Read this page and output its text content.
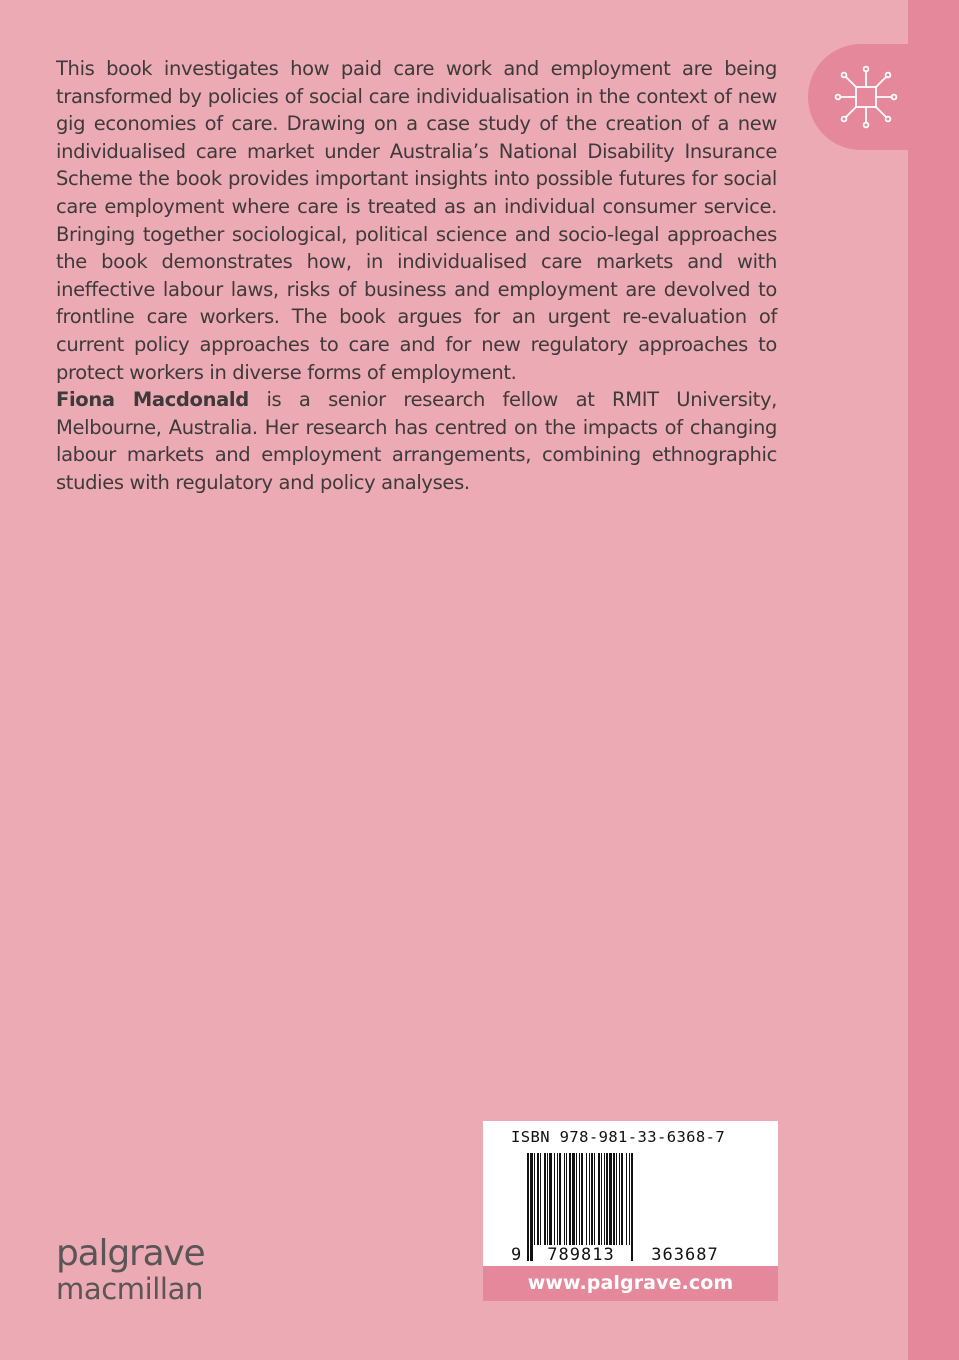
This book investigates how paid care work and employment are being transformed by policies of social care individualisation in the context of new gig economies of care. Drawing on a case study of the creation of a new individualised care market under Australia’s National Disability Insurance Scheme the book provides important insights into possible futures for social care employment where care is treated as an individual consumer service. Bringing together sociological, political science and socio-legal approaches the book demonstrates how, in individualised care markets and with ineffective labour laws, risks of business and employment are devolved to frontline care workers. The book argues for an urgent re-evaluation of current policy approaches to care and for new regulatory approaches to protect workers in diverse forms of employment.

Fiona Macdonald is a senior research fellow at RMIT University, Melbourne, Australia. Her research has centred on the impacts of changing labour markets and employment arrangements, combining ethnographic studies with regulatory and policy analyses.

ISBN 978-981-33-6368-7
9 789813 363687
www.palgrave.com
palgrave
macmillan
